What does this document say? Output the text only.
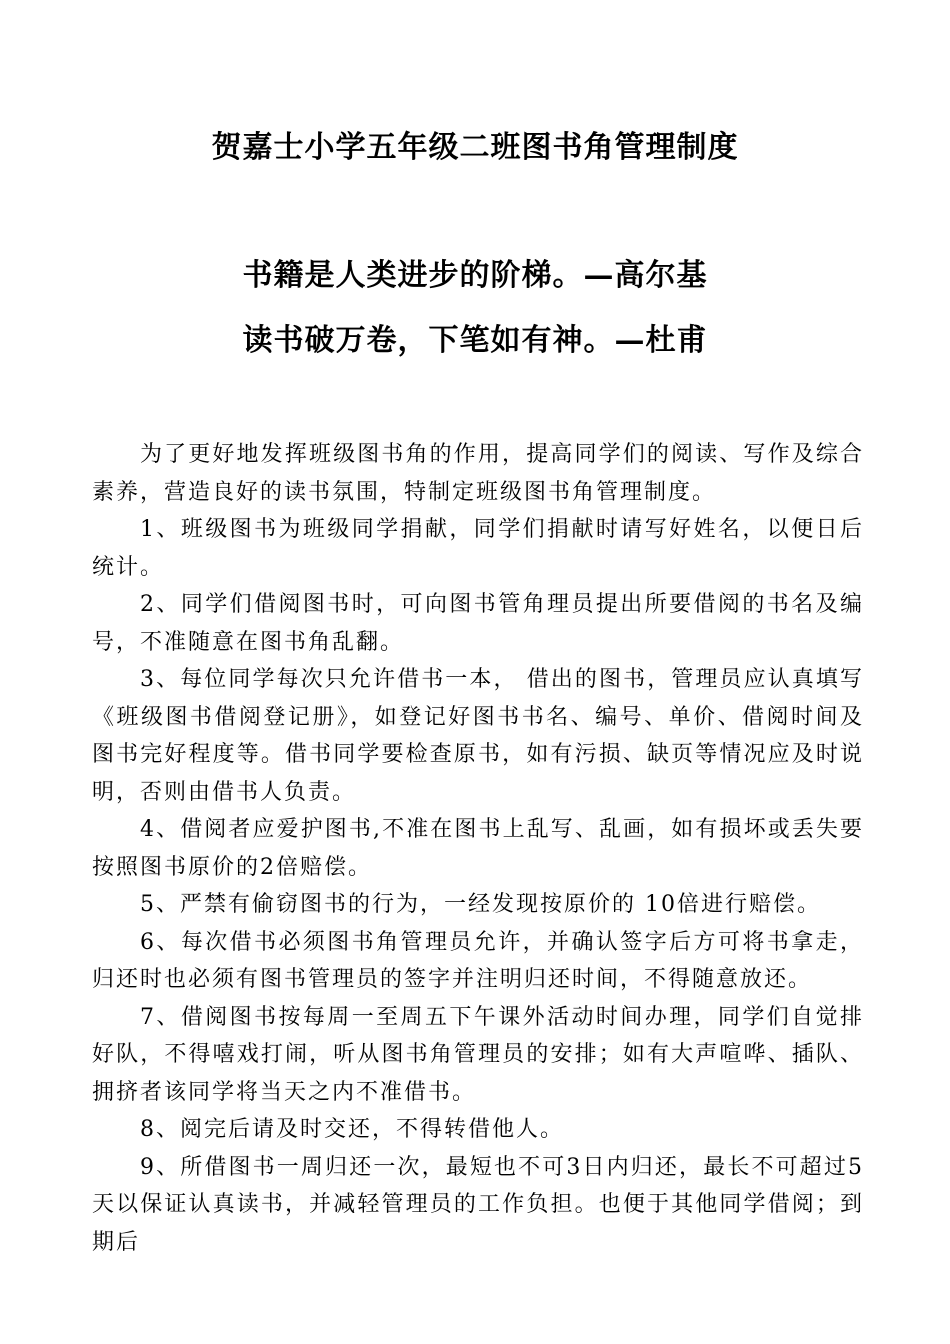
贺嘉士小学五年级二班图书角管理制度
书籍是人类进步的阶梯。—高尔基
读书破万卷，下笔如有神。—杜甫

为了更好地发挥班级图书角的作用，提高同学们的阅读、写作及综合素养，营造良好的读书氛围，特制定班级图书角管理制度。

1、班级图书为班级同学捐献，同学们捐献时请写好姓名，以便日后统计。

2、同学们借阅图书时，可向图书管角理员提出所要借阅的书名及编号，不准随意在图书角乱翻。

3、每位同学每次只允许借书一本， 借出的图书，管理员应认真填写《班级图书借阅登记册》，如登记好图书书名、编号、单价、借阅时间及图书完好程度等。借书同学要检查原书，如有污损、缺页等情况应及时说明，否则由借书人负责。

4、借阅者应爱护图书,不准在图书上乱写、乱画，如有损坏或丢失要按照图书原价的2倍赔偿。

5、严禁有偷窃图书的行为，一经发现按原价的 10倍进行赔偿。

6、每次借书必须图书角管理员允许，并确认签字后方可将书拿走，归还时也必须有图书管理员的签字并注明归还时间，不得随意放还。

7、借阅图书按每周一至周五下午课外活动时间办理，同学们自觉排好队，不得嘻戏打闹，听从图书角管理员的安排；如有大声喧哗、插队、拥挤者该同学将当天之内不准借书。

8、阅完后请及时交还，不得转借他人。

9、所借图书一周归还一次，最短也不可3日内归还，最长不可超过5天以保证认真读书，并减轻管理员的工作负担。也便于其他同学借阅；到期后
